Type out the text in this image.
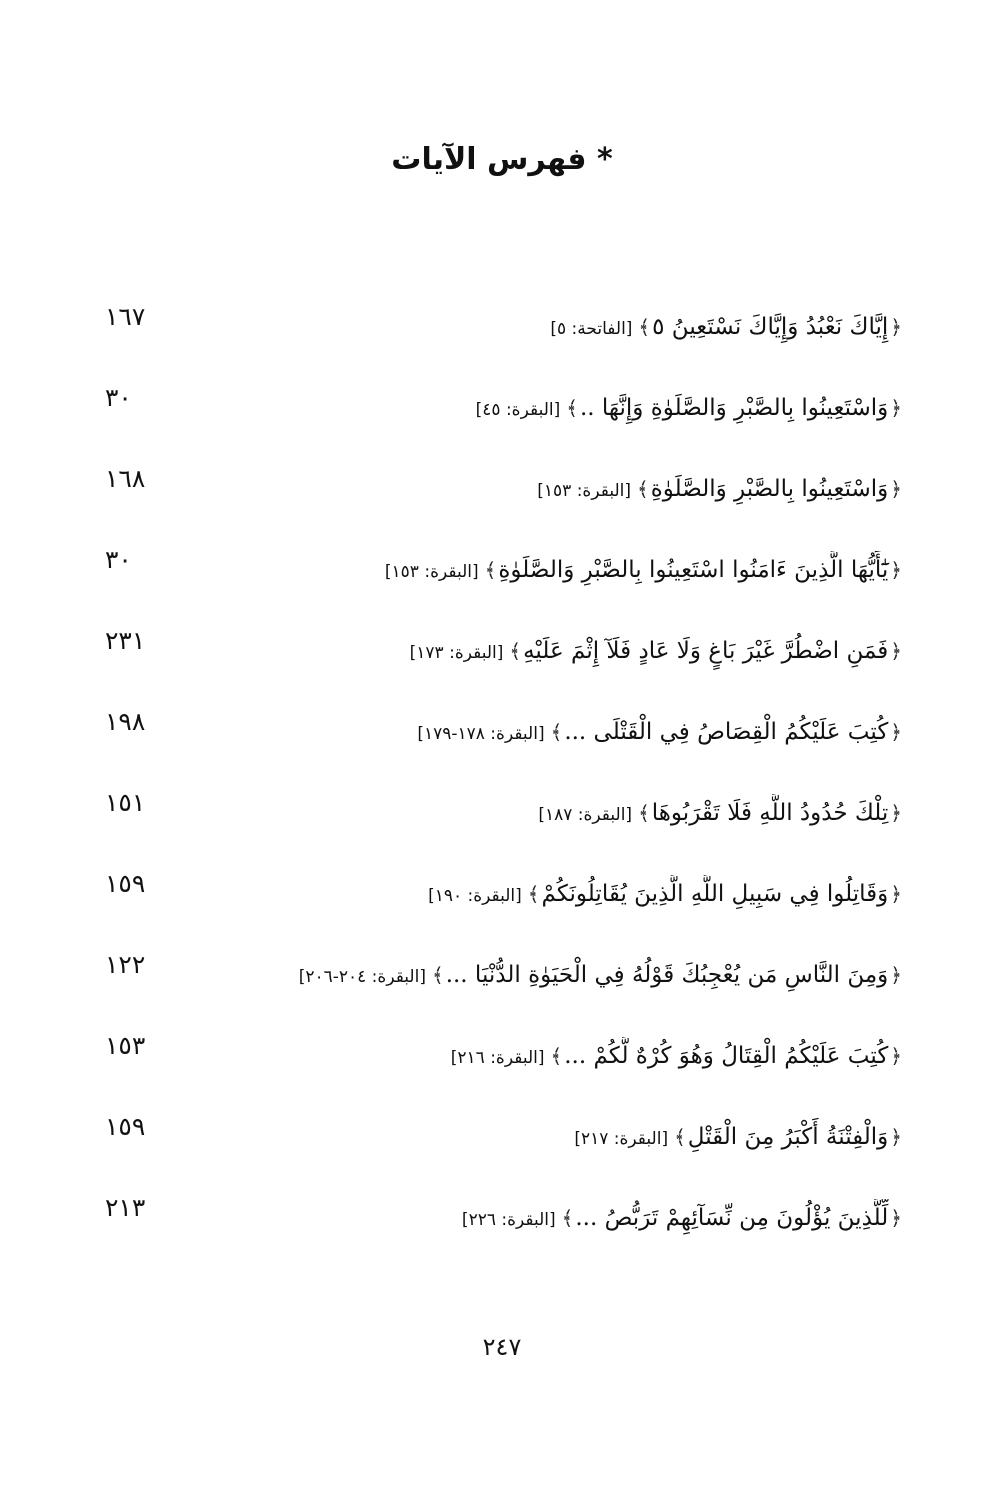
* فهرس الآيات
﴿إِيَّاكَ نَعْبُدُ وَإِيَّاكَ نَسْتَعِينُ ٥﴾[الفاتحة: ٥]
١٦٧
﴿وَاسْتَعِينُوا بِالصَّبْرِ وَالصَّلَوٰةِ وَإِنَّهَا ..﴾[البقرة: ٤٥]
٣٠
﴿وَاسْتَعِينُوا بِالصَّبْرِ وَالصَّلَوٰةِ﴾[البقرة: ١٥٣]
١٦٨
﴿يَٰٓأَيُّهَا الَّذِينَ ءَامَنُوا اسْتَعِينُوا بِالصَّبْرِ وَالصَّلَوٰةِ﴾[البقرة: ١٥٣]
٣٠
﴿فَمَنِ اضْطُرَّ غَيْرَ بَاغٍ وَلَا عَادٍ فَلَآ إِثْمَ عَلَيْهِ﴾[البقرة: ١٧٣]
٢٣١
﴿كُتِبَ عَلَيْكُمُ الْقِصَاصُ فِي الْقَتْلَى ...﴾[البقرة: ١٧٨-١٧٩]
١٩٨
﴿تِلْكَ حُدُودُ اللَّهِ فَلَا تَقْرَبُوهَا﴾[البقرة: ١٨٧]
١٥١
﴿وَقَاتِلُوا فِي سَبِيلِ اللَّهِ الَّذِينَ يُقَاتِلُونَكُمْ﴾[البقرة: ١٩٠]
١٥٩
﴿وَمِنَ النَّاسِ مَن يُعْجِبُكَ قَوْلُهُ فِي الْحَيَوٰةِ الدُّنْيَا ...﴾[البقرة: ٢٠٤-٢٠٦]
١٢٢
﴿كُتِبَ عَلَيْكُمُ الْقِتَالُ وَهُوَ كُرْهٌ لَّكُمْ ...﴾[البقرة: ٢١٦]
١٥٣
﴿وَالْفِتْنَةُ أَكْبَرُ مِنَ الْقَتْلِ﴾[البقرة: ٢١٧]
١٥٩
﴿لِّلَّذِينَ يُؤْلُونَ مِن نِّسَآئِهِمْ تَرَبُّصُ ...﴾[البقرة: ٢٢٦]
٢١٣
٢٤٧
